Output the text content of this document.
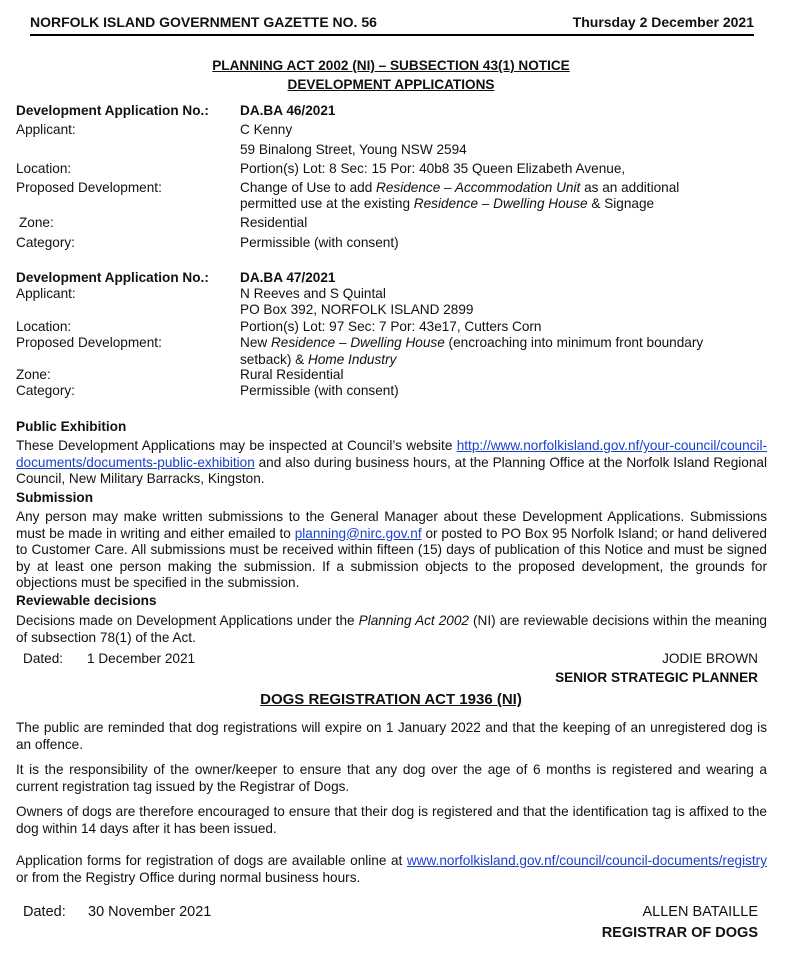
NORFOLK ISLAND GOVERNMENT GAZETTE NO. 56	Thursday 2 December 2021
PLANNING ACT 2002 (NI) – SUBSECTION 43(1) NOTICE
DEVELOPMENT APPLICATIONS
Development Application No.: DA.BA 46/2021
Applicant:	C Kenny
59 Binalong Street, Young NSW 2594
Location:	Portion(s) Lot: 8 Sec: 15 Por: 40b8 35 Queen Elizabeth Avenue,
Proposed Development:	Change of Use to add Residence – Accommodation Unit as an additional
permitted use at the existing Residence – Dwelling House & Signage
Zone:	Residential
Category:	Permissible (with consent)
Development Application No.: DA.BA 47/2021
Applicant:	N Reeves and S Quintal
PO Box 392, NORFOLK ISLAND 2899
Location:	Portion(s) Lot: 97 Sec: 7 Por: 43e17, Cutters Corn
Proposed Development:	New Residence – Dwelling House (encroaching into minimum front boundary
setback) & Home Industry
Zone:	Rural Residential
Category:	Permissible (with consent)
Public Exhibition
These Development Applications may be inspected at Council’s website http://www.norfolkisland.gov.nf/your-council/council-documents/documents-public-exhibition and also during business hours, at the Planning Office at the Norfolk Island Regional Council, New Military Barracks, Kingston.
Submission
Any person may make written submissions to the General Manager about these Development Applications. Submissions must be made in writing and either emailed to planning@nirc.gov.nf or posted to PO Box 95 Norfolk Island; or hand delivered to Customer Care. All submissions must be received within fifteen (15) days of publication of this Notice and must be signed by at least one person making the submission. If a submission objects to the proposed development, the grounds for objections must be specified in the submission.
Reviewable decisions
Decisions made on Development Applications under the Planning Act 2002 (NI) are reviewable decisions within the meaning of subsection 78(1) of the Act.
Dated: 1 December 2021	JODIE BROWN
SENIOR STRATEGIC PLANNER
DOGS REGISTRATION ACT 1936 (NI)
The public are reminded that dog registrations will expire on 1 January 2022 and that the keeping of an unregistered dog is an offence.
It is the responsibility of the owner/keeper to ensure that any dog over the age of 6 months is registered and wearing a current registration tag issued by the Registrar of Dogs.
Owners of dogs are therefore encouraged to ensure that their dog is registered and that the identification tag is affixed to the dog within 14 days after it has been issued.
Application forms for registration of dogs are available online at www.norfolkisland.gov.nf/council/council-documents/registry or from the Registry Office during normal business hours.
Dated: 30 November 2021	ALLEN BATAILLE
REGISTRAR OF DOGS
